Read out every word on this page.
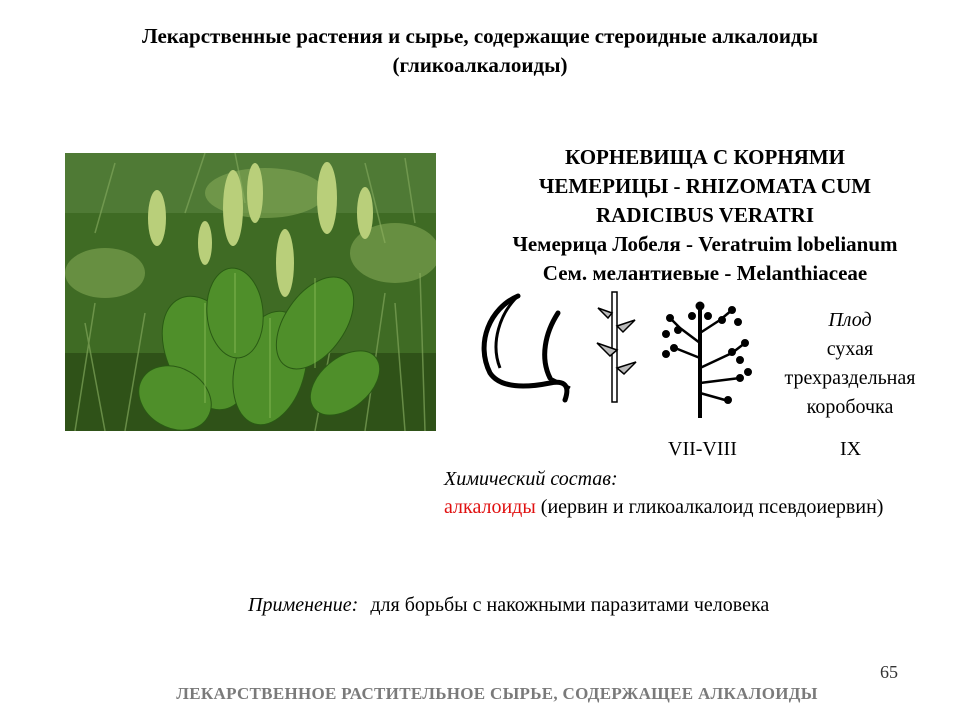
Лекарственные растения и сырье, содержащие стероидные алкалоиды
(гликоалкалоиды)
КОРНЕВИЩА С КОРНЯМИ
ЧЕМЕРИЦЫ - RHIZOMATA CUM
RADICIBUS VERATRI
Чемерица Лобеля - Veratruim lobelianum
Сем. мелантиевые - Melanthiaceae
Плод
сухая
трехраздельная
коробочка
VII-VIII	IX
Химический состав:
алкалоиды (иервин и гликоалкалоид псевдоиервин)
Применение: для борьбы с накожными паразитами человека
65
ЛЕКАРСТВЕННОЕ РАСТИТЕЛЬНОЕ СЫРЬЕ, СОДЕРЖАЩЕЕ АЛКАЛОИДЫ
